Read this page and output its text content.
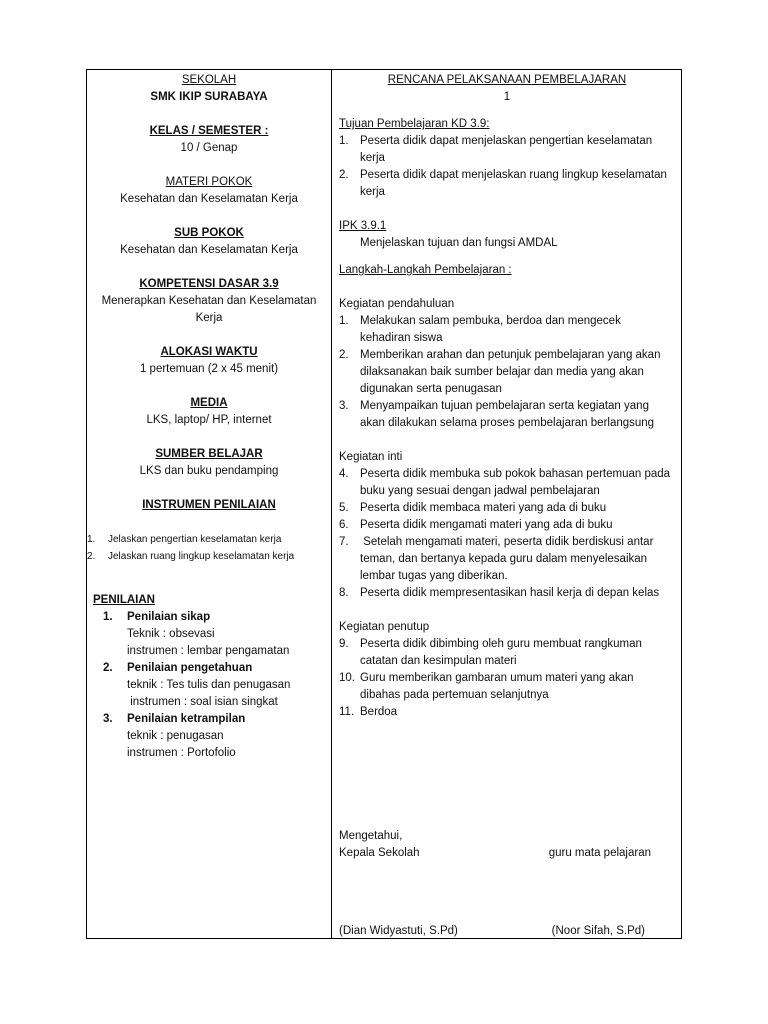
SEKOLAH
SMK IKIP SURABAYA
KELAS / SEMESTER :
10 / Genap
MATERI POKOK
Kesehatan dan Keselamatan Kerja
SUB POKOK
Kesehatan dan Keselamatan Kerja
KOMPETENSI DASAR 3.9
Menerapkan Kesehatan dan Keselamatan
Kerja
ALOKASI WAKTU
1 pertemuan (2 x 45 menit)
MEDIA
LKS, laptop/ HP, internet
SUMBER BELAJAR
LKS dan buku pendamping
INSTRUMEN PENILAIAN
1.	Jelaskan pengertian keselamatan kerja
2.	Jelaskan ruang lingkup keselamatan kerja
PENILAIAN
1.	Penilaian sikap
Teknik : obsevasi
instrumen : lembar pengamatan
2.	Penilaian pengetahuan
teknik : Tes tulis dan penugasan
instrumen : soal isian singkat
3.	Penilaian ketrampilan
teknik : penugasan
instrumen : Portofolio
RENCANA PELAKSANAAN PEMBELAJARAN
1
Tujuan Pembelajaran KD 3.9:
1. Peserta didik dapat menjelaskan pengertian keselamatan
kerja
2. Peserta didik dapat menjelaskan ruang lingkup keselamatan
kerja
IPK 3.9.1
Menjelaskan tujuan dan fungsi AMDAL
Langkah-Langkah Pembelajaran :
Kegiatan pendahuluan
1. Melakukan salam pembuka, berdoa dan mengecek
kehadiran siswa
2. Memberikan arahan dan petunjuk pembelajaran yang akan
dilaksanakan baik sumber belajar dan media yang akan
digunakan serta penugasan
3. Menyampaikan tujuan pembelajaran serta kegiatan yang
akan dilakukan selama proses pembelajaran berlangsung
Kegiatan inti
4. Peserta didik membuka sub pokok bahasan pertemuan pada
buku yang sesuai dengan jadwal pembelajaran
5. Peserta didik membaca materi yang ada di buku
6. Peserta didik mengamati materi yang ada di buku
7. Setelah mengamati materi, peserta didik berdiskusi antar
teman, dan bertanya kepada guru dalam menyelesaikan
lembar tugas yang diberikan.
8. Peserta didik mempresentasikan hasil kerja di depan kelas
Kegiatan penutup
9. Peserta didik dibimbing oleh guru membuat rangkuman
catatan dan kesimpulan materi
10. Guru memberikan gambaran umum materi yang akan
dibahas pada pertemuan selanjutnya
11. Berdoa
Mengetahui,
Kepala Sekolah	guru mata pelajaran
(Dian Widyastuti, S.Pd)	(Noor Sifah, S.Pd)
